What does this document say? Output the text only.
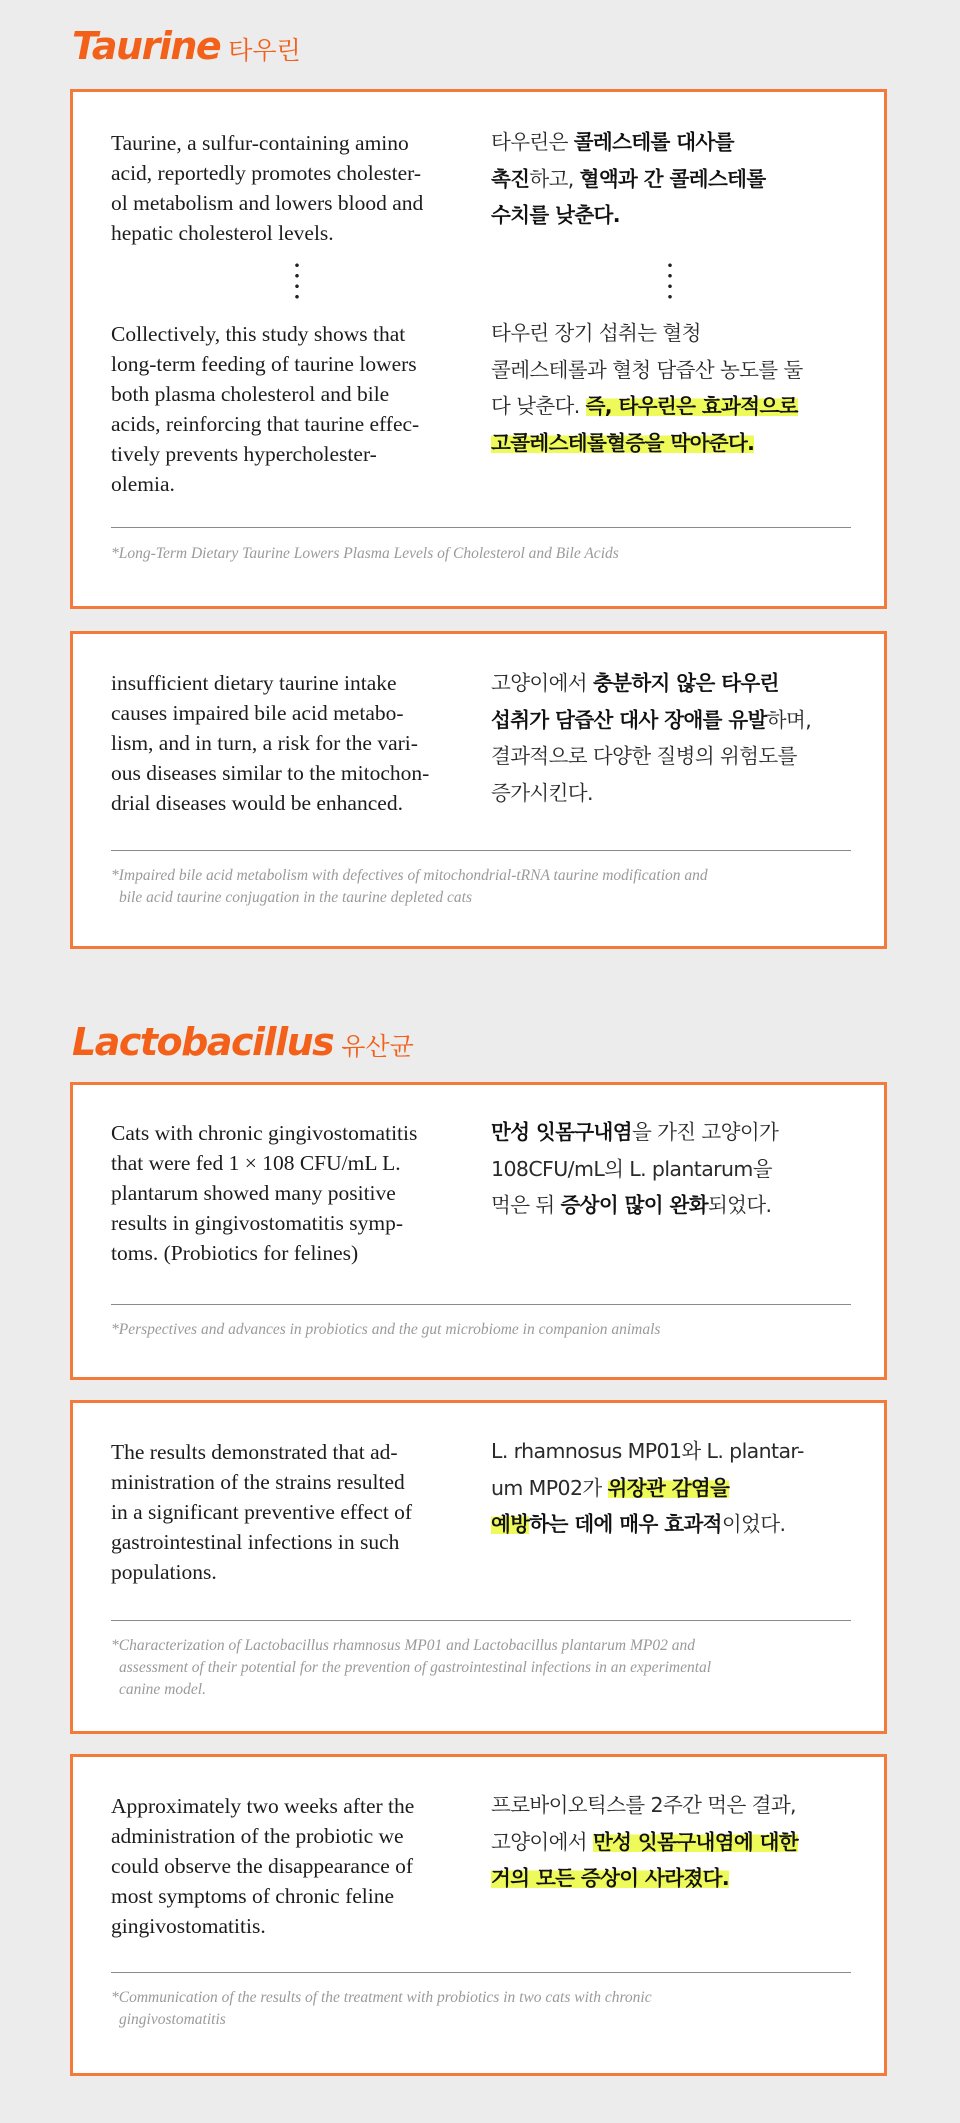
Taurine 타우린
Taurine, a sulfur-containing amino
acid, reportedly promotes cholester-
ol metabolism and lowers blood and
hepatic cholesterol levels.
타우린은 콜레스테롤 대사를
촉진하고, 혈액과 간 콜레스테롤
수치를 낮춘다.
Collectively, this study shows that
long-term feeding of taurine lowers
both plasma cholesterol and bile
acids, reinforcing that taurine effec-
tively prevents hypercholester-
olemia.
타우린 장기 섭취는 혈청
콜레스테롤과 혈청 담즙산 농도를 둘
다 낮춘다. 즉, 타우린은 효과적으로
고콜레스테롤혈증을 막아준다.
*Long-Term Dietary Taurine Lowers Plasma Levels of Cholesterol and Bile Acids
insufficient dietary taurine intake
causes impaired bile acid metabo-
lism, and in turn, a risk for the vari-
ous diseases similar to the mitochon-
drial diseases would be enhanced.
고양이에서 충분하지 않은 타우린
섭취가 담즙산 대사 장애를 유발하며,
결과적으로 다양한 질병의 위험도를
증가시킨다.
*Impaired bile acid metabolism with defectives of mitochondrial-tRNA taurine modification and
bile acid taurine conjugation in the taurine depleted cats
Lactobacillus 유산균
Cats with chronic gingivostomatitis
that were fed 1 × 108 CFU/mL L.
plantarum showed many positive
results in gingivostomatitis symp-
toms. (Probiotics for felines)
만성 잇몸구내염을 가진 고양이가
108CFU/mL의 L. plantarum을
먹은 뒤 증상이 많이 완화되었다.
*Perspectives and advances in probiotics and the gut microbiome in companion animals
The results demonstrated that ad-
ministration of the strains resulted
in a significant preventive effect of
gastrointestinal infections in such
populations.
L. rhamnosus MP01와 L. plantar-
um MP02가 위장관 감염을
예방하는 데에 매우 효과적이었다.
*Characterization of Lactobacillus rhamnosus MP01 and Lactobacillus plantarum MP02 and
assessment of their potential for the prevention of gastrointestinal infections in an experimental
canine model.
Approximately two weeks after the
administration of the probiotic we
could observe the disappearance of
most symptoms of chronic feline
gingivostomatitis.
프로바이오틱스를 2주간 먹은 결과,
고양이에서 만성 잇몸구내염에 대한
거의 모든 증상이 사라졌다.
*Communication of the results of the treatment with probiotics in two cats with chronic
gingivostomatitis
